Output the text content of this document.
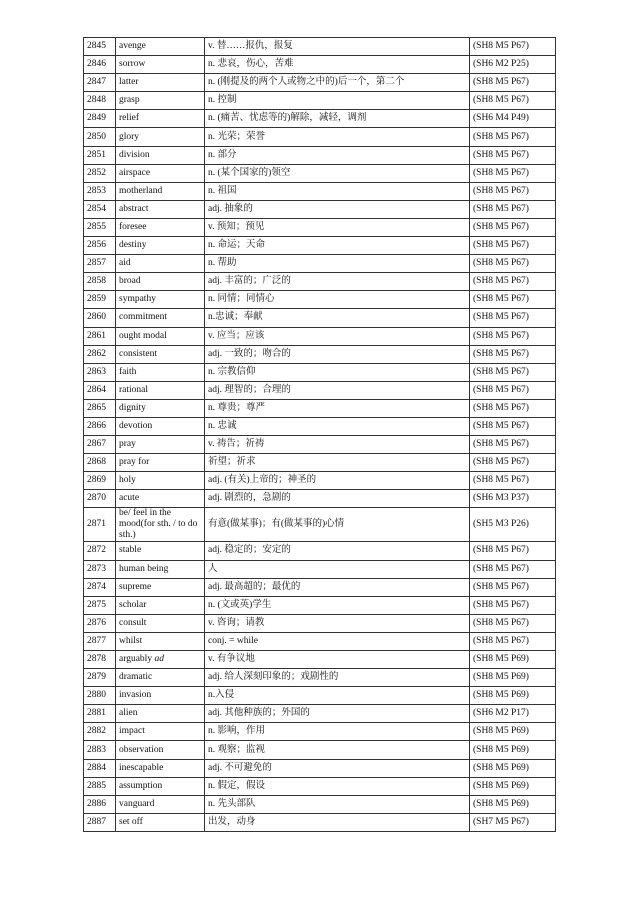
2845	avenge	v. 替……报仇，报复	(SH8 M5 P67)
2846	sorrow	n. 悲哀，伤心，苦难	(SH6 M2 P25)
2847	latter	n. (刚提及的两个人或物之中的)后一个，第二个	(SH8 M5 P67)
2848	grasp	n. 控制	(SH8 M5 P67)
2849	relief	n. (痛苦、忧虑等的)解除，减轻，调剂	(SH6 M4 P49)
2850	glory	n. 光荣；荣誉	(SH8 M5 P67)
2851	division	n. 部分	(SH8 M5 P67)
2852	airspace	n. (某个国家的)领空	(SH8 M5 P67)
2853	motherland	n. 祖国	(SH8 M5 P67)
2854	abstract	adj. 抽象的	(SH8 M5 P67)
2855	foresee	v. 预知；预见	(SH8 M5 P67)
2856	destiny	n. 命运；天命	(SH8 M5 P67)
2857	aid	n. 帮助	(SH8 M5 P67)
2858	broad	adj. 丰富的；广泛的	(SH8 M5 P67)
2859	sympathy	n. 同情；同情心	(SH8 M5 P67)
2860	commitment	n.忠诚；奉献	(SH8 M5 P67)
2861	ought modal	v. 应当；应该	(SH8 M5 P67)
2862	consistent	adj. 一致的；吻合的	(SH8 M5 P67)
2863	faith	n. 宗教信仰	(SH8 M5 P67)
2864	rational	adj. 理智的；合理的	(SH8 M5 P67)
2865	dignity	n. 尊贵；尊严	(SH8 M5 P67)
2866	devotion	n. 忠诚	(SH8 M5 P67)
2867	pray	v. 祷告；祈祷	(SH8 M5 P67)
2868	pray for	祈望；祈求	(SH8 M5 P67)
2869	holy	adj. (有关)上帝的；神圣的	(SH8 M5 P67)
2870	acute	adj. 剧烈的，急剧的	(SH6 M3 P37)
2871	be/ feel in the mood(for sth. / to do sth.)	有意(做某事)；有(做某事的)心情	(SH5 M3 P26)
2872	stable	adj. 稳定的；安定的	(SH8 M5 P67)
2873	human being	人	(SH8 M5 P67)
2874	supreme	adj. 最高超的；最优的	(SH8 M5 P67)
2875	scholar	n. (文或英)学生	(SH8 M5 P67)
2876	consult	v. 咨询；请教	(SH8 M5 P67)
2877	whilst	conj. = while	(SH8 M5 P67)
2878	arguably ad	v. 有争议地	(SH8 M5 P69)
2879	dramatic	adj. 给人深刻印象的；戏剧性的	(SH8 M5 P69)
2880	invasion	n.入侵	(SH8 M5 P69)
2881	alien	adj. 其他种族的；外国的	(SH6 M2 P17)
2882	impact	n. 影响，作用	(SH8 M5 P69)
2883	observation	n. 观察；监视	(SH8 M5 P69)
2884	inescapable	adj. 不可避免的	(SH8 M5 P69)
2885	assumption	n. 假定，假设	(SH8 M5 P69)
2886	vanguard	n. 先头部队	(SH8 M5 P69)
2887	set off	出发，动身	(SH7 M5 P67)
